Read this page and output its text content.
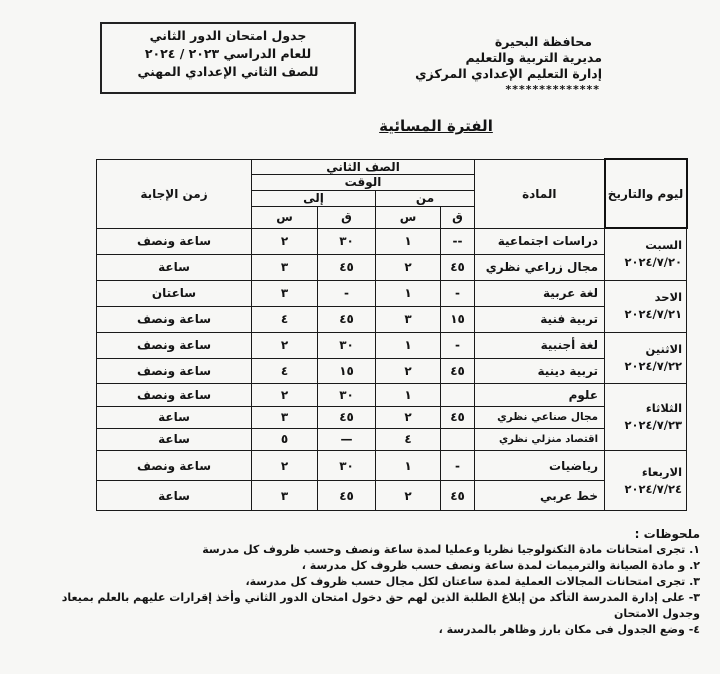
جدول امتحان الدور الثاني
للعام الدراسي ٢٠٢٣ / ٢٠٢٤
للصف الثاني الإعدادي المهني
محافظة البحيرة
مديرية التربية والتعليم
إدارة التعليم الإعدادي المركزي
**************
الفترة المسائية
ليوم والتاريخ	المادة	الصف الثاني				زمن الإجابة
		الوقت				
		من		إلى		
		ق	س	ق	س	

السبت
٢٠٢٤/٧/٢٠	دراسات اجتماعية	--	١	٣٠	٢	ساعة ونصف
	مجال زراعي نظري	٤٥	٢	٤٥	٣	ساعة

الاحد
٢٠٢٤/٧/٢١	لغة عربية	-	١	-	٣	ساعتان
	تربية فنية	١٥	٣	٤٥	٤	ساعة ونصف

الاثنين
٢٠٢٤/٧/٢٢	لغة أجنبية	-	١	٣٠	٢	ساعة ونصف
	تربية دينية	٤٥	٢	١٥	٤	ساعة ونصف

الثلاثاء
٢٠٢٤/٧/٢٣	علوم		١	٣٠	٢	ساعة ونصف
	مجال صناعي نظري	٤٥	٢	٤٥	٣	ساعة
	اقتصاد منزلي نظري		٤	—	٥	ساعة

الاربعاء
٢٠٢٤/٧/٢٤	رياضيات	-	١	٣٠	٢	ساعة ونصف
	خط عربي	٤٥	٢	٤٥	٣	ساعة
ملحوظات :
١. تجرى امتحانات مادة التكنولوجيا نظريا وعمليا لمدة ساعة ونصف وحسب ظروف كل مدرسة
٢. و مادة الصيانة والترميمات لمدة ساعة ونصف حسب ظروف كل مدرسة ،
٣. تجرى امتحانات المجالات العملية لمدة ساعتان لكل مجال حسب ظروف كل مدرسة،
٣- على إدارة المدرسة التأكد من إبلاغ الطلبة الذين لهم حق دخول امتحان الدور الثاني وأخذ إقرارات عليهم بالعلم بميعاد وجدول الامتحان
٤- وضع الجدول فى مكان بارز وظاهر بالمدرسة ،
